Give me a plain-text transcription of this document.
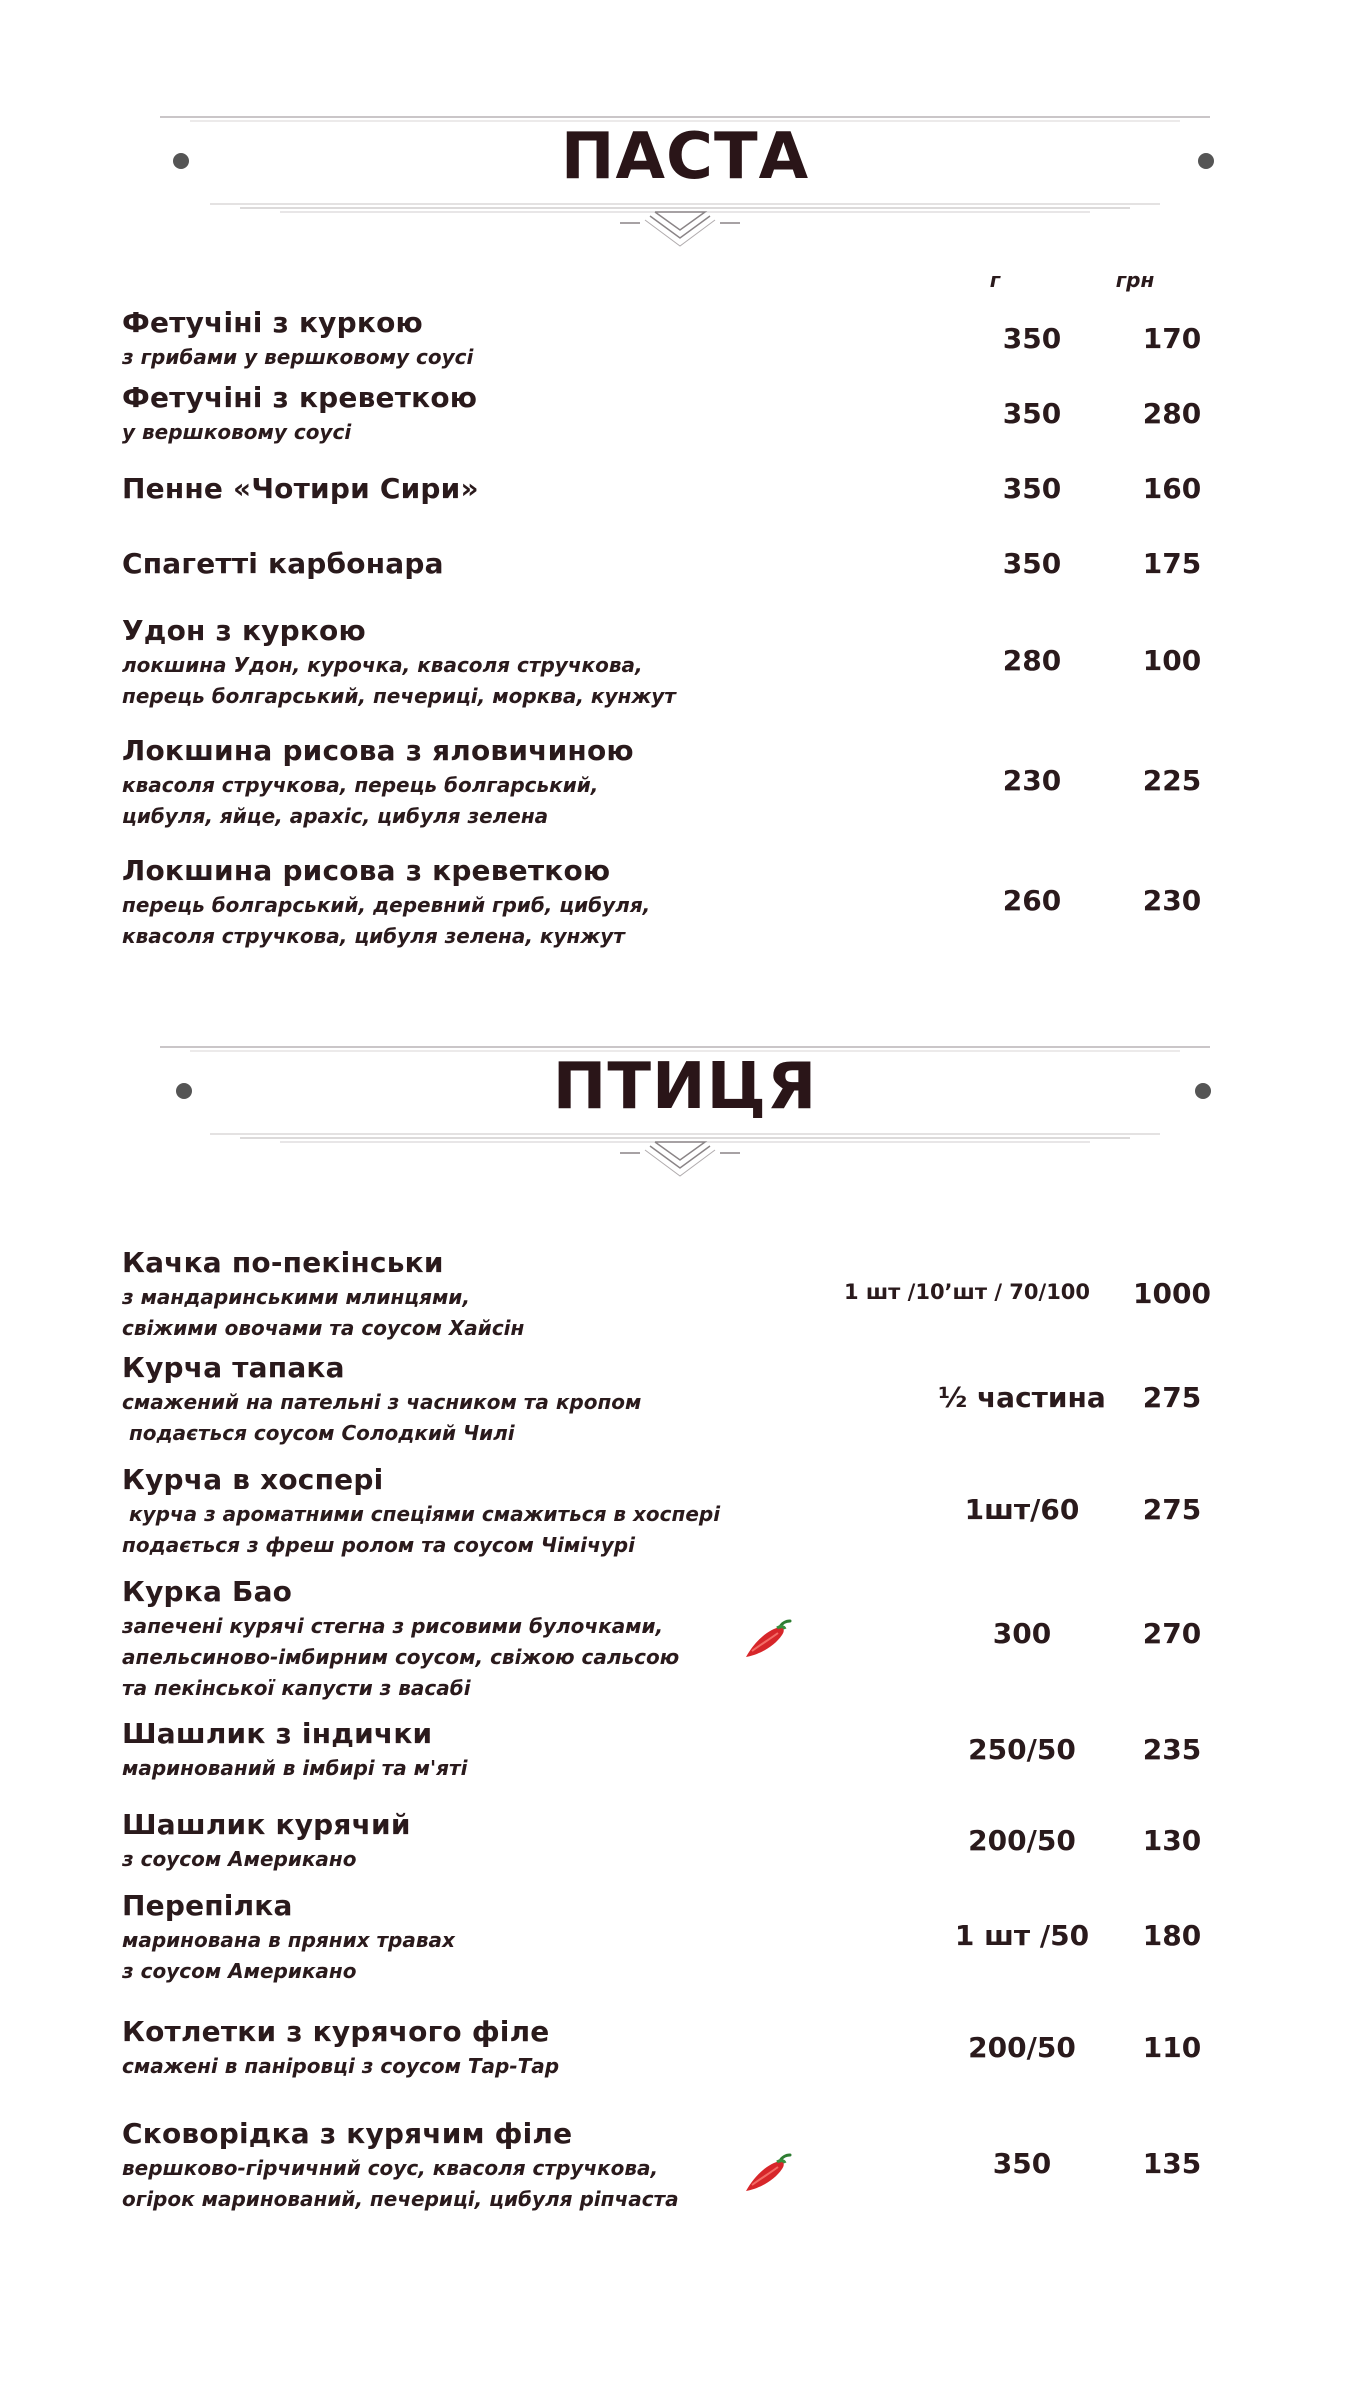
ПАСТА
г	грн
Фетучіні з куркою
з грибами у вершковому соусі
350	170
Фетучіні з креветкою
у вершковому соусі
350	280
Пенне «Чотири Сири»	350	160
Спагетті карбонара	350	175
Удон з куркою
локшина Удон, курочка, квасоля стручкова,
перець болгарський, печериці, морква, кунжут
280	100
Локшина рисова з яловичиною
квасоля стручкова, перець болгарський,
цибуля, яйце, арахіс, цибуля зелена
230	225
Локшина рисова з креветкою
перець болгарський, деревний гриб, цибуля,
квасоля стручкова, цибуля зелена, кунжут
260	230
ПТИЦЯ
Качка по-пекінськи
з мандаринськими млинцями,
свіжими овочами та соусом Хайсін
1 шт /10’шт / 70/100	1000
Курча тапака
смажений на пательні з часником та кропом
подається соусом Солодкий Чилі
½ частина	275
Курча в хоспері
курча з ароматними спеціями смажиться в хоспері
подається з фреш ролом та соусом Чімічурі
1шт/60	275
Курка Бао
запечені курячі стегна з рисовими булочками,
апельсиново-імбирним соусом, свіжою сальсою
та пекінської капусти з васабі
300	270
Шашлик з індички
маринований в імбирі та м'яті
250/50	235
Шашлик курячий
з соусом Американо
200/50	130
Перепілка
маринована в пряних травах
з соусом Американо
1 шт /50	180
Котлетки з курячого філе
смажені в паніровці з соусом Тар-Тар
200/50	110
Сковорідка з курячим філе
вершково-гірчичний соус, квасоля стручкова,
огірок маринований, печериці, цибуля ріпчаста
350	135
